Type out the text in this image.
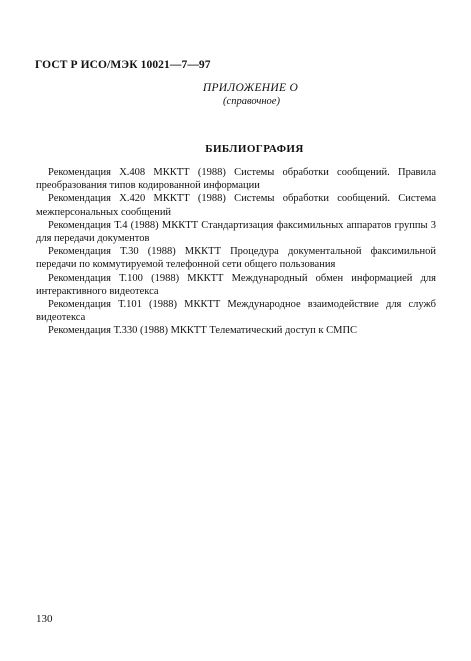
ГОСТ Р ИСО/МЭК 10021—7—97
ПРИЛОЖЕНИЕ О
(справочное)
БИБЛИОГРАФИЯ
Рекомендация X.408 МККТТ (1988) Системы обработки сообщений. Правила преобразования типов кодированной информации
Рекомендация X.420 МККТТ (1988) Системы обработки сообщений. Система межперсональных сообщений
Рекомендация Т.4 (1988) МККТТ Стандартизация факсимильных аппаратов группы 3 для передачи документов
Рекомендация Т.30 (1988) МККТТ Процедура документальной факсимильной передачи по коммутируемой телефонной сети общего пользования
Рекомендация Т.100 (1988) МККТТ Международный обмен информацией для интерактивного видеотекса
Рекомендация Т.101 (1988) МККТТ Международное взаимодействие для служб видеотекса
Рекомендация Т.330 (1988) МККТТ Телематический доступ к СМПС
130
